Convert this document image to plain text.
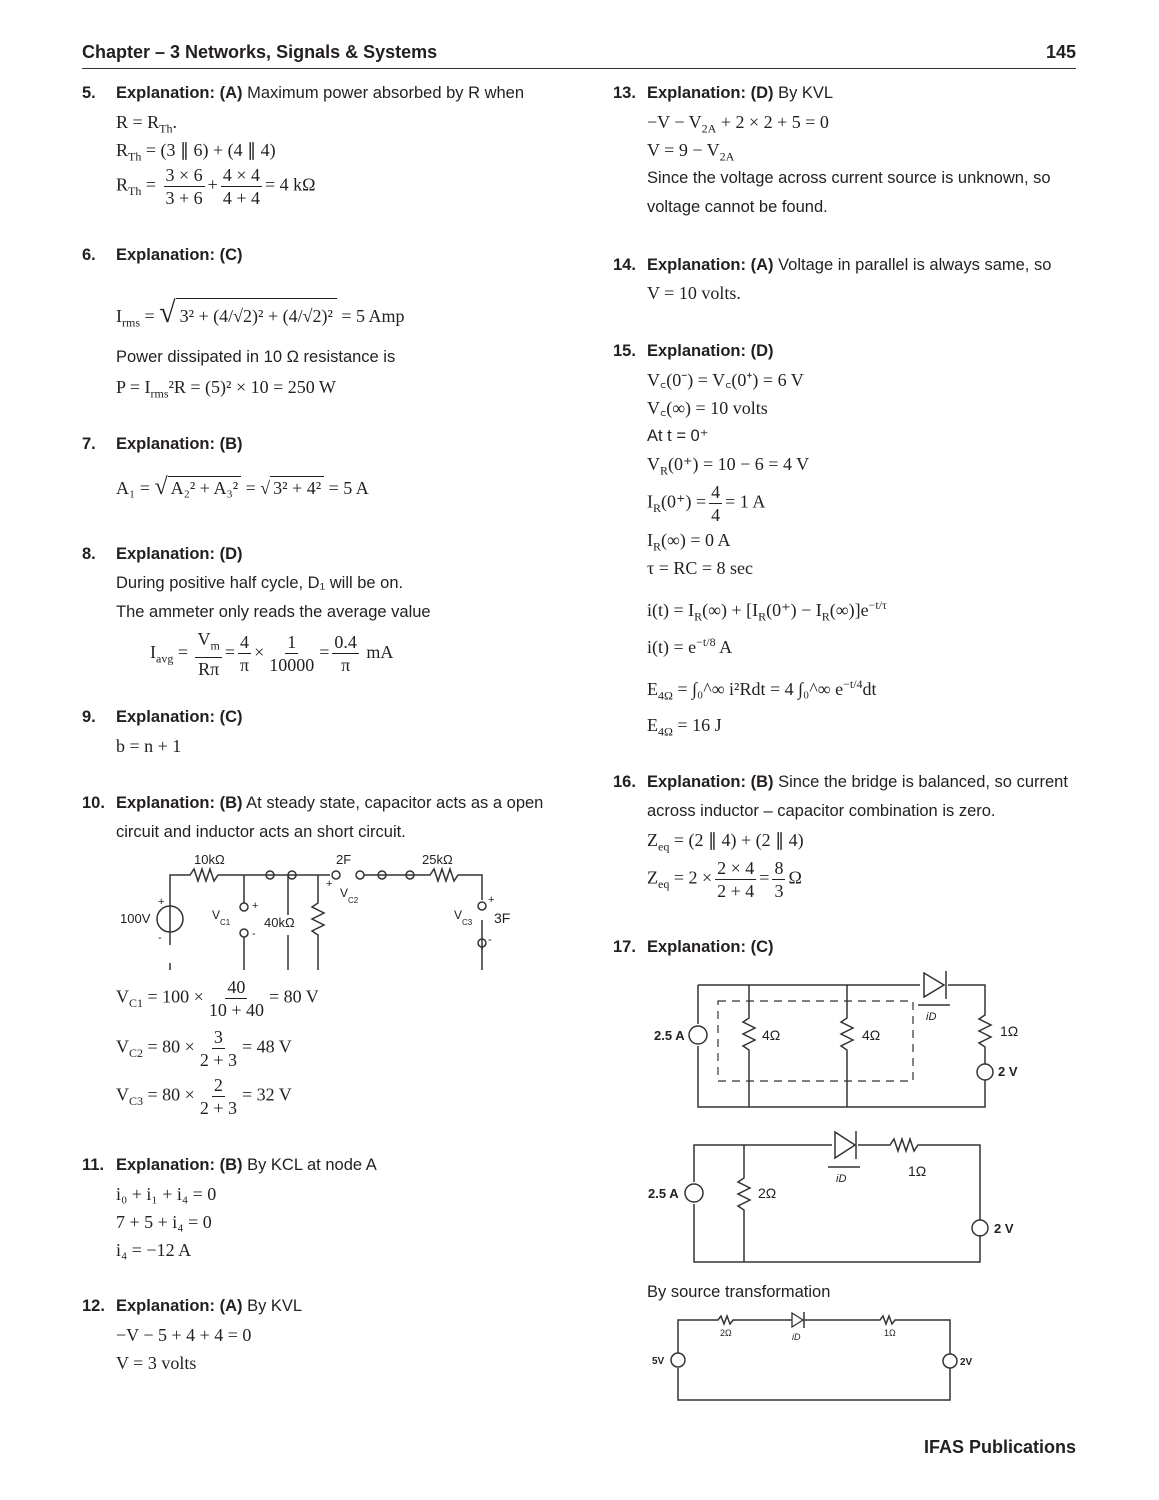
Chapter – 3 Networks, Signals & Systems	145
5. Explanation: (A) Maximum power absorbed by R when
$R = R_{Th}$.
$R_{Th} = (3$ ∥ 6) + (4 ∥ 4)
$R_{Th} = \frac{3 \times 6}{3 + 6} + \frac{4 \times 4}{4 + 4} = 4$ kΩ
6. Explanation: (C)
$I_{rms}$ = √ 3² + (4/√2)² + (4/√2)² = 5 Amp
Power dissipated in 10 Ω resistance is
$P = I_{rms}^2R = (5)^2 \times 10 = 250$ W
7. Explanation: (B)
A₁ = √ A₂² + A₃² = √ 3² + 4² = 5 A
8. Explanation: (D)
During positive half cycle, D₁ will be on.
The ammeter only reads the average value
$I_{avg} = \frac{V_m}{R\pi} = \frac{4}{\pi} \times \frac{1}{10000} = \frac{0.4}{\pi}$ mA
9. Explanation: (C)
b = n + 1
10. Explanation: (B) At steady state, capacitor acts as a open
circuit and inductor acts an short circuit.
10kΩ	2F	25kΩ
100V	V
C1	40kΩ
V
C2
V
C3 3F
+
-
+
-
+
+
-
$V_{C1} = 100 \times \frac{40}{10 + 40} = 80$ V
$V_{C2} = 80 \times \frac{3}{2 + 3} = 48$ V
$V_{C3} = 80 \times \frac{2}{2 + 3} = 32$ V
11. Explanation: (B) By KCL at node A
i₀ + i₁ + i₄ = 0
7 + 5 + i₄ = 0
i₄ = −12 A
12. Explanation: (A) By KVL
−V − 5 + 4 + 4 = 0
V = 3 volts
13. Explanation: (D) By KVL
$-V - V_{2A} + 2 \times 2 + 5 = 0$
$V = 9 - V_{2A}$
Since the voltage across current source is unknown, so
voltage cannot be found.
14. Explanation: (A) Voltage in parallel is always same, so
V = 10 volts.
15. Explanation: (D)
V꜀(0⁻) = V꜀(0⁺) = 6 V
V꜀(∞) = 10 volts
At t = 0⁺
$V_R(0^+) = 10 - 6 = 4$ V
$I_R(0^+) = \frac{4}{4} = 1$ A
$I_R(\infty) = 0$ A
τ = RC = 8 sec
$i(t) = I_R(\infty) + [I_R(0^+) - I_R(\infty)]e^{-t/\tau}$
$i(t) = e^{-t/8}$ A
$E_{4\Omega}$ = ∫₀^∞ i²Rdt = 4 ∫₀^∞ $e^{-t/4}dt$
$E_{4\Omega} = 16$ J
16. Explanation: (B) Since the bridge is balanced, so current
across inductor – capacitor combination is zero.
$Z_{eq} = (2$ ∥ 4) + (2 ∥ 4)
$Z_{eq} = 2 \times \frac{2 \times 4}{2 + 4} = \frac{8}{3}$ Ω
17. Explanation: (C)
2.5 A	4Ω	4Ω
iD
1Ω
2 V
2.5 A	2Ω
iD	1Ω
2 V
By source transformation
5V
2Ω	iD	1Ω
2V
IFAS Publications
